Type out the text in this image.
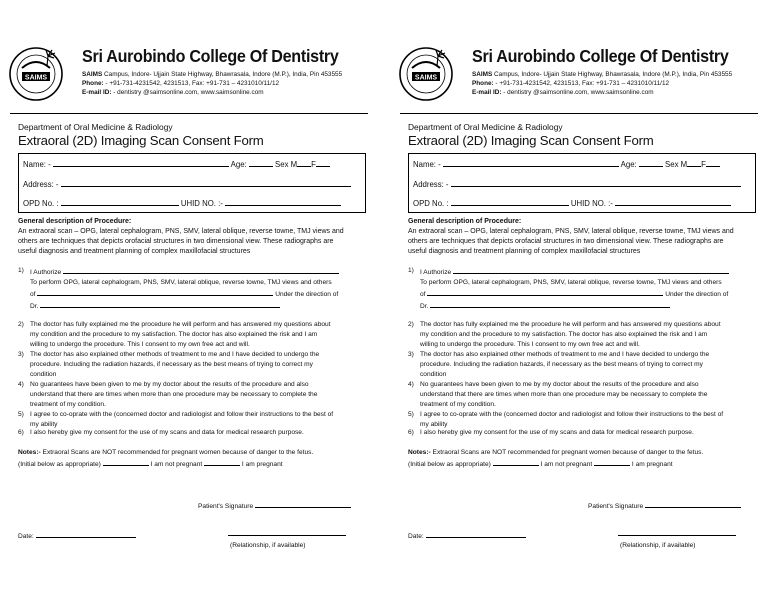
SAIMS
Sri Aurobindo College Of Dentistry
SAIMS Campus, Indore- Ujjain State Highway, Bhawrasala, Indore (M.P.), India, Pin 453555
Phone: - +91-731-4231542, 4231513, Fax: +91-731 – 4231010/11/12
E-mail ID: - dentistry @saimsonline.com, www.saimsonline.com
Department of Oral Medicine & Radiology
Extraoral (2D) Imaging Scan Consent Form
Name: -	Age:	Sex M F
Address: -
OPD No. :	UHID NO. :-
General description of Procedure:
An extraoral scan – OPG, lateral cephalogram, PNS, SMV, lateral oblique, reverse towne, TMJ views and
others are techniques that depicts orofacial structures in two dimensional view. These radiographs are
useful diagnosis and treatment planning of complex maxillofacial structures
1) I Authorize
To perform OPG, lateral cephalogram, PNS, SMV, lateral oblique, reverse towne, TMJ views and others
of	Under the direction of
Dr.
2) The doctor has fully explained me the procedure he will perform and has answered my questions about
my condition and the procedure to my satisfaction. The doctor has also explained the risk and I am
willing to undergo the procedure. This I consent to my own free act and will.
3) The doctor has also explained other methods of treatment to me and I have decided to undergo the
procedure. Including the radiation hazards, if necessary as the best means of trying to correct my
condition
4) No guarantees have been given to me by my doctor about the results of the procedure and also
understand that there are times when more than one procedure may be necessary to complete the
treatment of my condition.
5) I agree to co-oprate with the (concerned doctor and radiologist and follow their instructions to the best of
my ability
6) I also hereby give my consent for the use of my scans and data for medical research purpose.
Notes:- Extraoral Scans are NOT recommended for pregnant women because of danger to the fetus.
(Initial below as appropriate)	I am not pregnant	I am pregnant
Patient's Signature
Date:
(Relationship, if available)
SAIMS
Sri Aurobindo College Of Dentistry
SAIMS Campus, Indore- Ujjain State Highway, Bhawrasala, Indore (M.P.), India, Pin 453555
Phone: - +91-731-4231542, 4231513, Fax: +91-731 – 4231010/11/12
E-mail ID: - dentistry @saimsonline.com, www.saimsonline.com
Department of Oral Medicine & Radiology
Extraoral (2D) Imaging Scan Consent Form
Name: -	Age:	Sex M F
Address: -
OPD No. :	UHID NO. :-
General description of Procedure:
An extraoral scan – OPG, lateral cephalogram, PNS, SMV, lateral oblique, reverse towne, TMJ views and
others are techniques that depicts orofacial structures in two dimensional view. These radiographs are
useful diagnosis and treatment planning of complex maxillofacial structures
1) I Authorize
To perform OPG, lateral cephalogram, PNS, SMV, lateral oblique, reverse towne, TMJ views and others
of	Under the direction of
Dr.
2) The doctor has fully explained me the procedure he will perform and has answered my questions about
my condition and the procedure to my satisfaction. The doctor has also explained the risk and I am
willing to undergo the procedure. This I consent to my own free act and will.
3) The doctor has also explained other methods of treatment to me and I have decided to undergo the
procedure. Including the radiation hazards, if necessary as the best means of trying to correct my
condition
4) No guarantees have been given to me by my doctor about the results of the procedure and also
understand that there are times when more than one procedure may be necessary to complete the
treatment of my condition.
5) I agree to co-oprate with the (concerned doctor and radiologist and follow their instructions to the best of
my ability
6) I also hereby give my consent for the use of my scans and data for medical research purpose.
Notes:- Extraoral Scans are NOT recommended for pregnant women because of danger to the fetus.
(Initial below as appropriate)	I am not pregnant	I am pregnant
Patient's Signature
Date:
(Relationship, if available)
